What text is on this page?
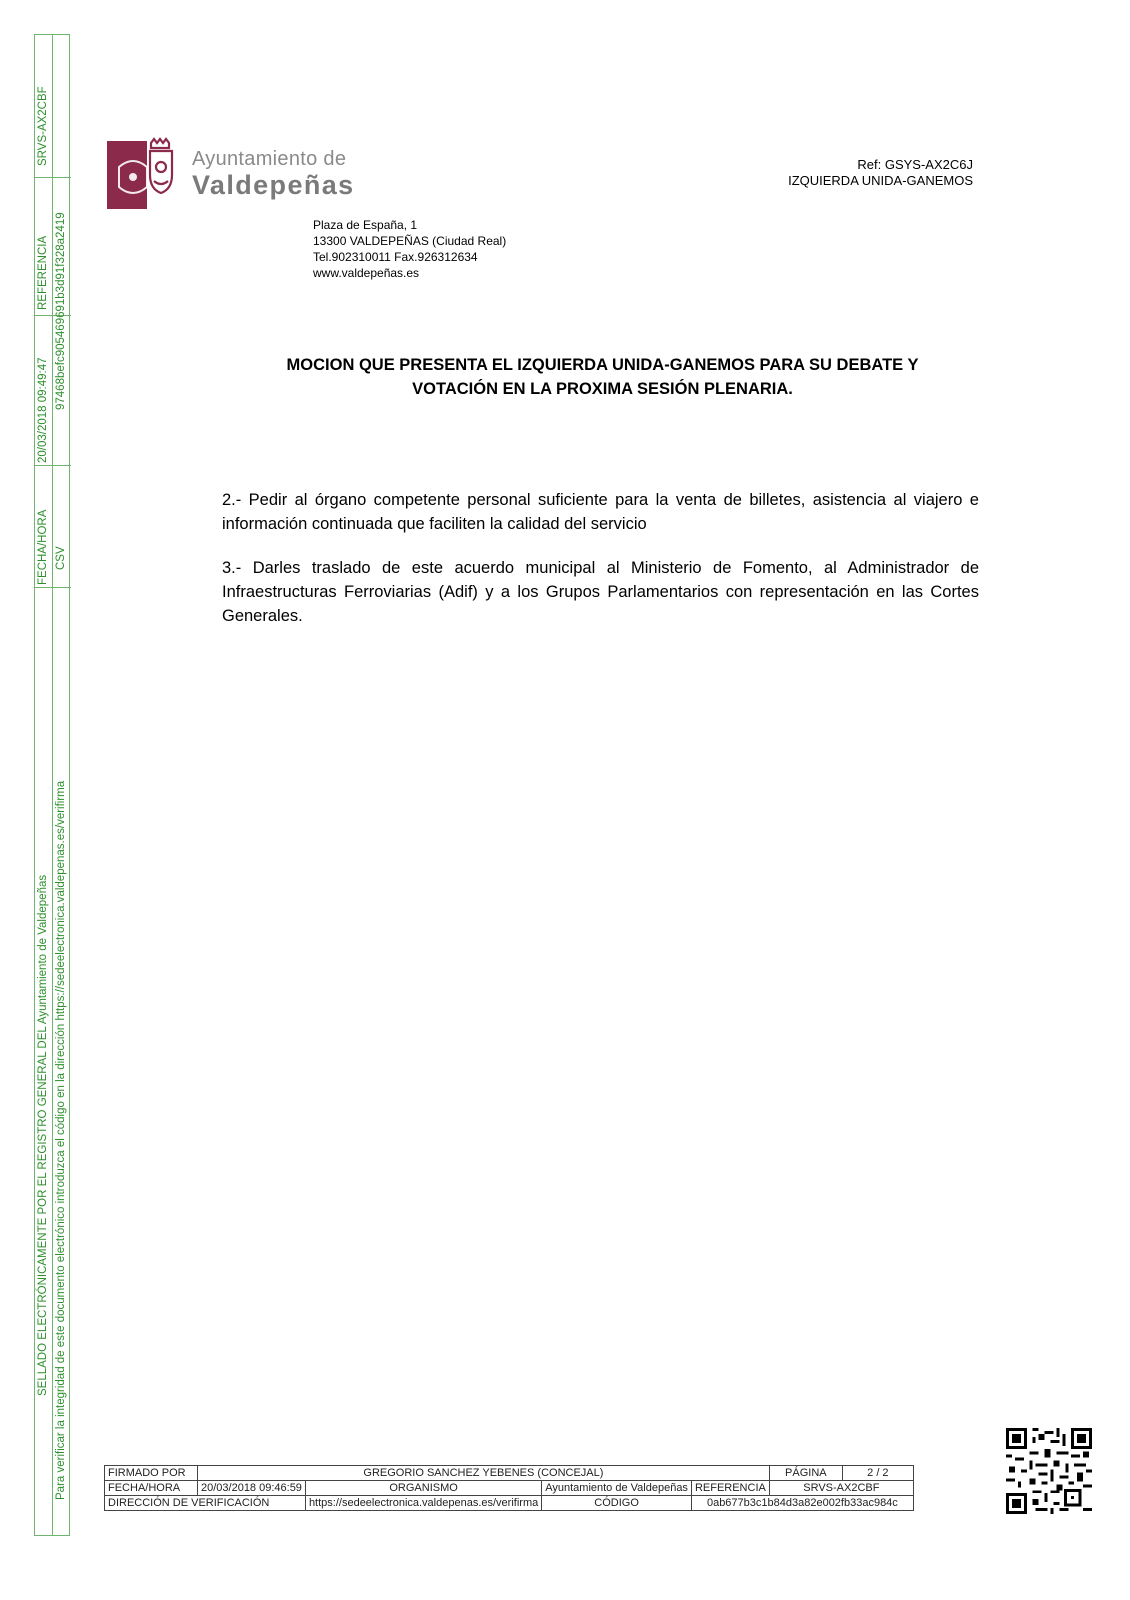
SELLADO ELECTRÓNICAMENTE POR EL REGISTRO GENERAL DEL Ayuntamiento de Valdepeñas
FECHA/HORA
20/03/2018 09:49:47
REFERENCIA
SRVS-AX2CBF
Para verificar la integridad de este documento electrónico introduzca el código en la dirección https://sedeelectronica.valdepenas.es/verifirma
CSV
97468befc905469691b3d91f328a2419
Ayuntamiento de
Valdepeñas
Ref: GSYS-AX2C6J
IZQUIERDA UNIDA-GANEMOS
Plaza de España, 1
13300 VALDEPEÑAS (Ciudad Real)
Tel.902310011 Fax.926312634
www.valdepeñas.es
MOCION QUE PRESENTA EL IZQUIERDA UNIDA-GANEMOS PARA SU DEBATE Y
VOTACIÓN EN LA PROXIMA SESIÓN PLENARIA.
2.- Pedir al órgano competente personal suficiente para la venta de billetes, asistencia al viajero e información continuada que faciliten la calidad del servicio
3.- Darles traslado de este acuerdo municipal al Ministerio de Fomento, al Administrador de Infraestructuras Ferroviarias (Adif) y a los Grupos Parlamentarios con representación en las Cortes Generales.
FIRMADO POR	GREGORIO SANCHEZ YEBENES (CONCEJAL)				PÁGINA	2 / 2
FECHA/HORA	20/03/2018 09:46:59	ORGANISMO	Ayuntamiento de Valdepeñas	REFERENCIA	SRVS-AX2CBF	
DIRECCIÓN DE VERIFICACIÓN		https://sedeelectronica.valdepenas.es/verifirma	CÓDIGO	0ab677b3c1b84d3a82e002fb33ac984c		
